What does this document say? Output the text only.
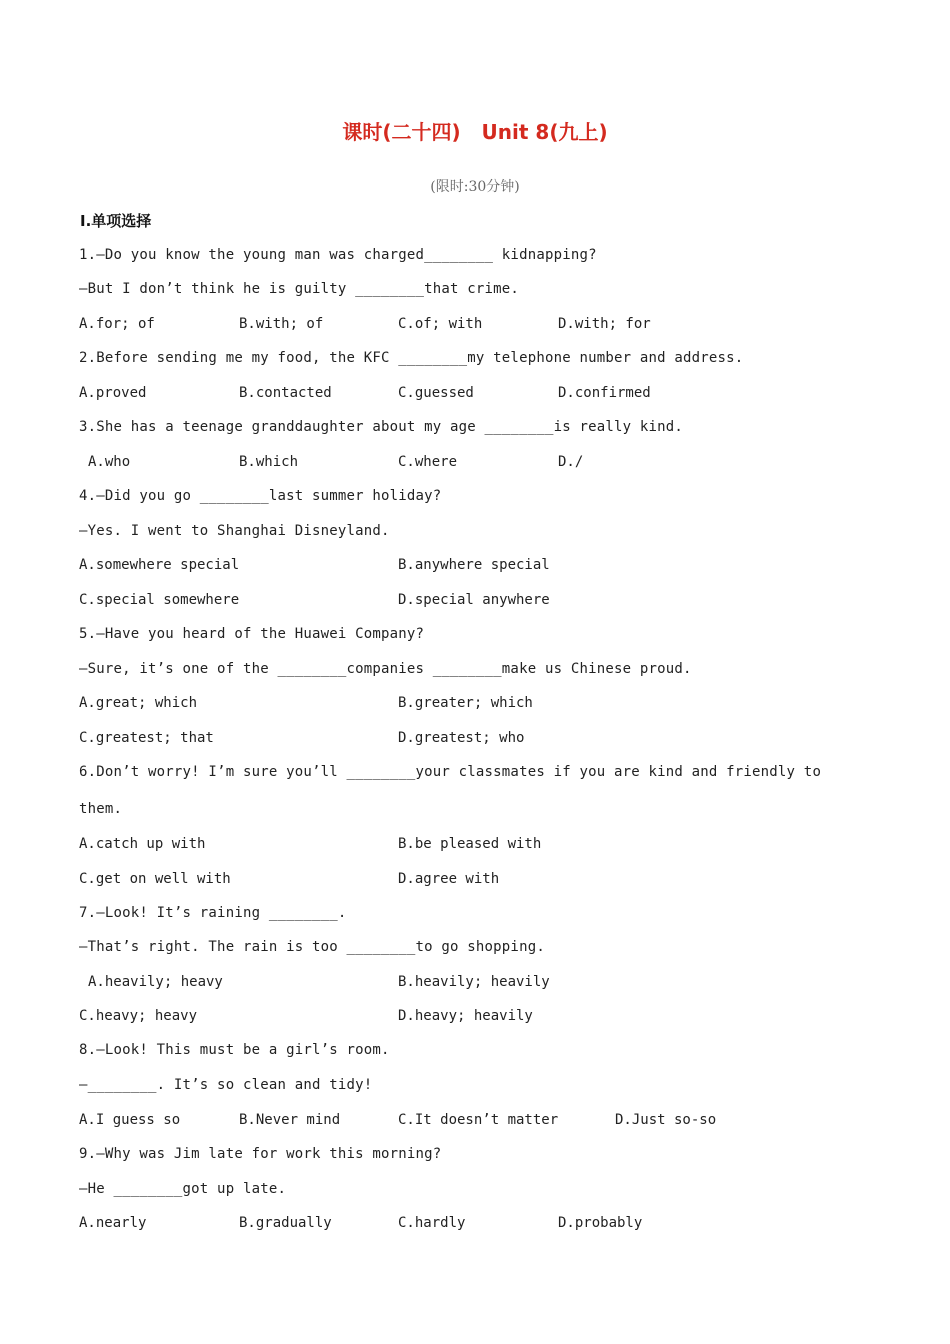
课时(二十四)   Unit 8(九上)
(限时:30分钟)
Ⅰ.单项选择
1.—Do you know the young man was charged________ kidnapping?
—But I don’t think he is guilty ________that crime.
A.for; of	B.with; of	C.of; with	D.with; for
2.Before sending me my food, the KFC ________my telephone number and address.
A.proved	B.contacted	C.guessed	D.confirmed
3.She has a teenage granddaughter about my age ________is really kind.
A.who	B.which	C.where	D./
4.—Did you go ________last summer holiday?
—Yes. I went to Shanghai Disneyland.
A.somewhere special	B.anywhere special
C.special somewhere	D.special anywhere
5.—Have you heard of the Huawei Company?
—Sure, it’s one of the ________companies ________make us Chinese proud.
A.great; which	B.greater; which
C.greatest; that	D.greatest; who
6.Don’t worry! I’m sure you’ll ________your classmates if you are kind and friendly to
them.
A.catch up with	B.be pleased with
C.get on well with	D.agree with
7.—Look! It’s raining ________.
—That’s right. The rain is too ________to go shopping.
A.heavily; heavy	B.heavily; heavily
C.heavy; heavy	D.heavy; heavily
8.—Look! This must be a girl’s room.
—________. It’s so clean and tidy!
A.I guess so	B.Never mind	C.It doesn’t matter	D.Just so-so
9.—Why was Jim late for work this morning?
—He ________got up late.
A.nearly	B.gradually	C.hardly	D.probably
